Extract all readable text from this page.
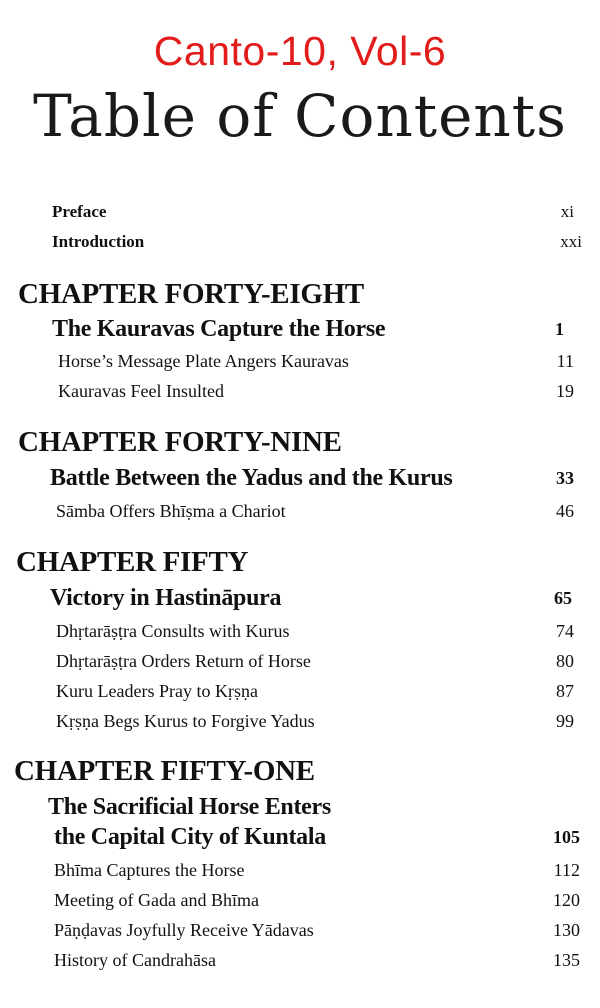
Canto-10, Vol-6
Table of Contents
Preface	xi
Introduction	xxi
CHAPTER FORTY-EIGHT
The Kauravas Capture the Horse	1
Horse’s Message Plate Angers Kauravas	11
Kauravas Feel Insulted	19
CHAPTER FORTY-NINE
Battle Between the Yadus and the Kurus	33
Sāmba Offers Bhīṣma a Chariot	46
CHAPTER FIFTY
Victory in Hastināpura	65
Dhṛtarāṣṭra Consults with Kurus	74
Dhṛtarāṣṭra Orders Return of Horse	80
Kuru Leaders Pray to Kṛṣṇa	87
Kṛṣṇa Begs Kurus to Forgive Yadus	99
CHAPTER FIFTY-ONE
The Sacrificial Horse Enters
the Capital City of Kuntala	105
Bhīma Captures the Horse	112
Meeting of Gada and Bhīma	120
Pāṇḍavas Joyfully Receive Yādavas	130
History of Candrahāsa	135
